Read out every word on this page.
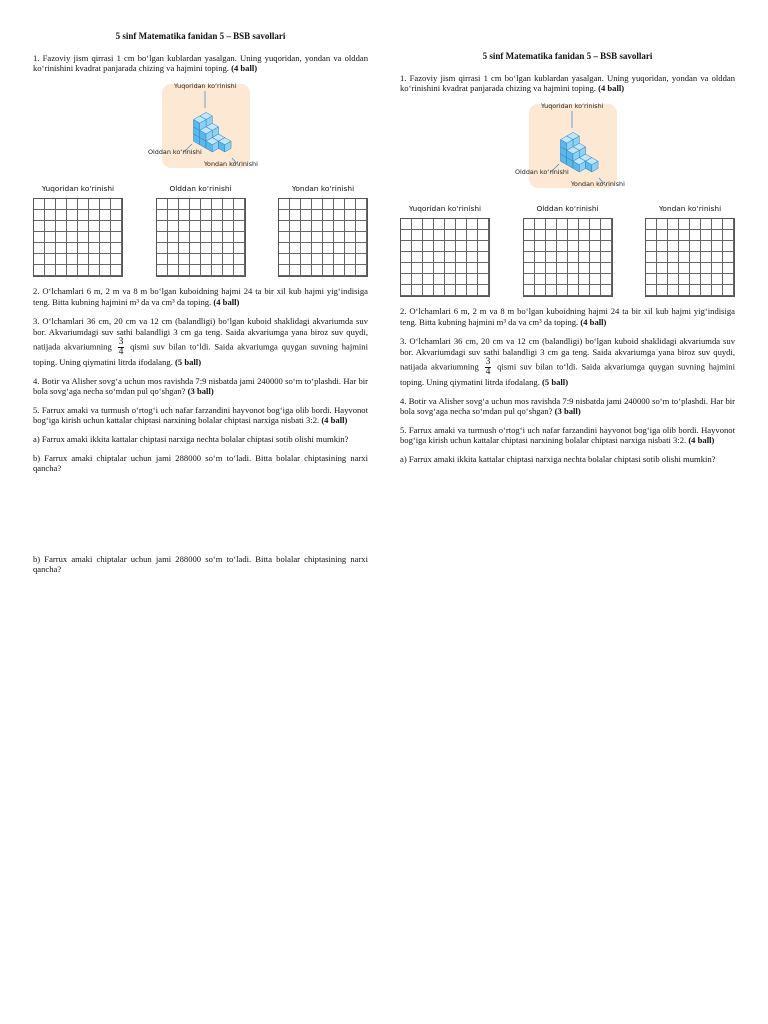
5 sinf Matematika fanidan 5 – BSB savollari
1. Fazoviy jism qirrasi 1 cm bo‘lgan kublardan yasalgan. Uning yuqoridan, yondan va olddan ko‘rinishini kvadrat panjarada chizing va hajmini toping. (4 ball)
Yuqoridan ko‘rinishi
Olddan ko‘rinishi
Yondan ko‘rinishi
Yuqoridan ko‘rinishi	Olddan ko‘rinishi	Yondan ko‘rinishi
2. O‘lchamlari 6 m, 2 m va 8 m bo‘lgan kuboidning hajmi 24 ta bir xil kub hajmi yig‘indisiga teng. Bitta kubning hajmini m³ da va cm³ da toping. (4 ball)
3. O‘lchamlari 36 cm, 20 cm va 12 cm (balandligi) bo‘lgan kuboid shaklidagi akvariumda suv bor. Akvariumdagi suv sathi balandligi 3 cm ga teng. Saida akvariumga yana biroz suv quydi, natijada akvariumning $\frac{3}{4}$ qismi suv bilan to‘ldi. Saida akvariumga quygan suvning hajmini toping. Uning qiymatini litrda ifodalang. (5 ball)
4. Botir va Alisher sovg‘a uchun mos ravishda 7:9 nisbatda jami 240000 so‘m to‘plashdi. Har bir bola sovg‘aga necha so‘mdan pul qo‘shgan? (3 ball)
5. Farrux amaki va turmush o‘rtog‘i uch nafar farzandini hayvonot bog‘iga olib bordi. Hayvonot bog‘iga kirish uchun kattalar chiptasi narxining bolalar chiptasi narxiga nisbati 3:2. (4 ball)
a) Farrux amaki ikkita kattalar chiptasi narxiga nechta bolalar chiptasi sotib olishi mumkin?
b) Farrux amaki chiptalar uchun jami 288000 so‘m to‘ladi. Bitta bolalar chiptasining narxi qancha?
b) Farrux amaki chiptalar uchun jami 288000 so‘m to‘ladi. Bitta bolalar chiptasining narxi qancha?
5 sinf Matematika fanidan 5 – BSB savollari
1. Fazoviy jism qirrasi 1 cm bo‘lgan kublardan yasalgan. Uning yuqoridan, yondan va olddan ko‘rinishini kvadrat panjarada chizing va hajmini toping. (4 ball)
Yuqoridan ko‘rinishi
Olddan ko‘rinishi
Yondan ko‘rinishi
Yuqoridan ko‘rinishi	Olddan ko‘rinishi	Yondan ko‘rinishi
2. O‘lchamlari 6 m, 2 m va 8 m bo‘lgan kuboidning hajmi 24 ta bir xil kub hajmi yig‘indisiga teng. Bitta kubning hajmini m³ da va cm³ da toping. (4 ball)
3. O‘lchamlari 36 cm, 20 cm va 12 cm (balandligi) bo‘lgan kuboid shaklidagi akvariumda suv bor. Akvariumdagi suv sathi balandligi 3 cm ga teng. Saida akvariumga yana biroz suv quydi, natijada akvariumning $\frac{3}{4}$ qismi suv bilan to‘ldi. Saida akvariumga quygan suvning hajmini toping. Uning qiymatini litrda ifodalang. (5 ball)
4. Botir va Alisher sovg‘a uchun mos ravishda 7:9 nisbatda jami 240000 so‘m to‘plashdi. Har bir bola sovg‘aga necha so‘mdan pul qo‘shgan? (3 ball)
5. Farrux amaki va turmush o‘rtog‘i uch nafar farzandini hayvonot bog‘iga olib bordi. Hayvonot bog‘iga kirish uchun kattalar chiptasi narxining bolalar chiptasi narxiga nisbati 3:2. (4 ball)
a) Farrux amaki ikkita kattalar chiptasi narxiga nechta bolalar chiptasi sotib olishi mumkin?
